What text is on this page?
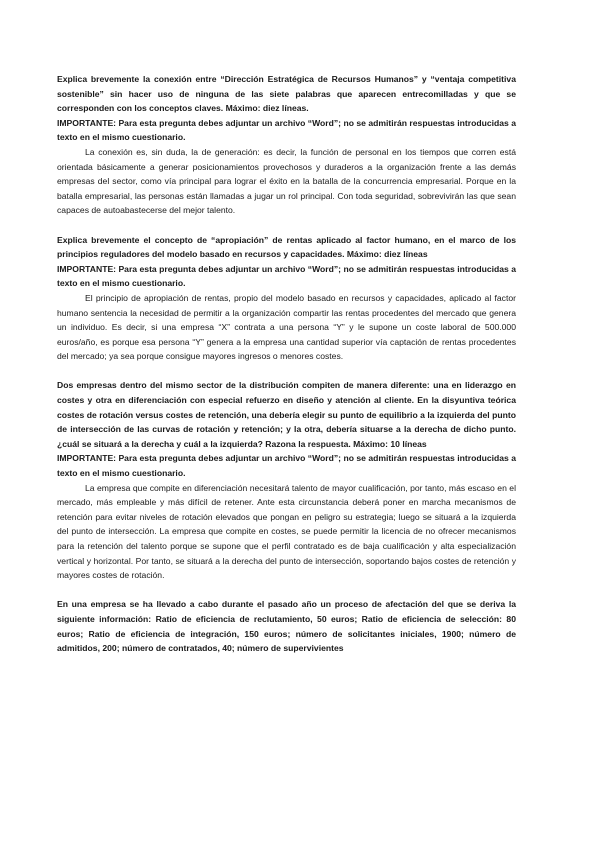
Explica brevemente la conexión entre “Dirección Estratégica de Recursos Humanos” y “ventaja competitiva sostenible” sin hacer uso de ninguna de las siete palabras que aparecen entrecomilladas y que se corresponden con los conceptos claves. Máximo: diez líneas.

IMPORTANTE: Para esta pregunta debes adjuntar un archivo “Word”; no se admitirán respuestas introducidas a texto en el mismo cuestionario.

La conexión es, sin duda, la de generación: es decir, la función de personal en los tiempos que corren está orientada básicamente a generar posicionamientos provechosos y duraderos a la organización frente a las demás empresas del sector, como vía principal para lograr el éxito en la batalla de la concurrencia empresarial. Porque en la batalla empresarial, las personas están llamadas a jugar un rol principal. Con toda seguridad, sobrevivirán las que sean capaces de autoabastecerse del mejor talento.

Explica brevemente el concepto de “apropiación” de rentas aplicado al factor humano, en el marco de los principios reguladores del modelo basado en recursos y capacidades. Máximo: diez líneas

IMPORTANTE: Para esta pregunta debes adjuntar un archivo “Word”; no se admitirán respuestas introducidas a texto en el mismo cuestionario.

El principio de apropiación de rentas, propio del modelo basado en recursos y capacidades, aplicado al factor humano sentencia la necesidad de permitir a la organización compartir las rentas procedentes del mercado que genera un individuo. Es decir, si una empresa “X” contrata a una persona “Y” y le supone un coste laboral de 500.000 euros/año, es porque esa persona “Y” genera a la empresa una cantidad superior vía captación de rentas procedentes del mercado; ya sea porque consigue mayores ingresos o menores costes.

Dos empresas dentro del mismo sector de la distribución compiten de manera diferente: una en liderazgo en costes y otra en diferenciación con especial refuerzo en diseño y atención al cliente. En la disyuntiva teórica costes de rotación versus costes de retención, una debería elegir su punto de equilibrio a la izquierda del punto de intersección de las curvas de rotación y retención; y la otra, debería situarse a la derecha de dicho punto. ¿cuál se situará a la derecha y cuál a la izquierda? Razona la respuesta. Máximo: 10 líneas

IMPORTANTE: Para esta pregunta debes adjuntar un archivo “Word”; no se admitirán respuestas introducidas a texto en el mismo cuestionario.

La empresa que compite en diferenciación necesitará talento de mayor cualificación, por tanto, más escaso en el mercado, más empleable y más difícil de retener. Ante esta circunstancia deberá poner en marcha mecanismos de retención para evitar niveles de rotación elevados que pongan en peligro su estrategia; luego se situará a la izquierda del punto de intersección. La empresa que compite en costes, se puede permitir la licencia de no ofrecer mecanismos para la retención del talento porque se supone que el perfil contratado es de baja cualificación y alta especialización vertical y horizontal. Por tanto, se situará a la derecha del punto de intersección, soportando bajos costes de retención y mayores costes de rotación.

En una empresa se ha llevado a cabo durante el pasado año un proceso de afectación del que se deriva la siguiente información: Ratio de eficiencia de reclutamiento, 50 euros; Ratio de eficiencia de selección: 80 euros; Ratio de eficiencia de integración, 150 euros; número de solicitantes iniciales, 1900; número de admitidos, 200; número de contratados, 40; número de supervivientes
